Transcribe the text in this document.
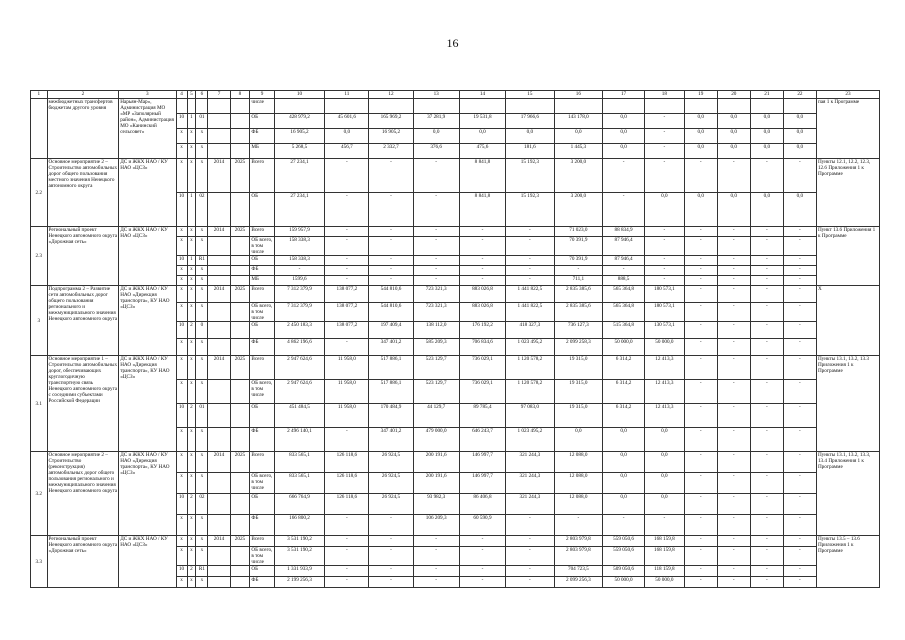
16
1	2	3	4	5	6	7	8	9	10	11	12	13	14	15	16	17	18	19	20	21	22	23
	межбюджетных трансфертов бюджетам другого уровня	Нарьян-Мар», Администрация МО «МР «Заполярный район», Администрация МО «Канинский сельсовет»						числе														пая 1 к Программе
			10	1	01			ОБ	428 979,2	45 601,6	165 969,2	37 281,9	19 531,8	17 966,6	143 178,0	0,0	-	0,0	0,0	0,0	0,0	
			х	х	х			ФБ	16 905,2	0,0	16 905,2	0,0	0,0	0,0	0,0	0,0	-	0,0	0,0	0,0	0,0	
			х	х	х			МБ	5 268,5	456,7	2 332,7	376,6	475,6	181,6	1 445,3	0,0	-	0,0	0,0	0,0	0,0	
2.2	Основное мероприятие 2 – Строительство автомобильных дорог общего пользования местного значения Ненецкого автономного округа	ДС и ЖКХ НАО / КУ НАО «ЦСЗ»	х	х	х	2014	2025	Всего	27 234,1	-	-	-	8 841,8	15 192,3	3 200,0	-	-	-	-	-	-	Пункты 12.1, 12.2, 12.3, 12.6 Приложения 1 к Программе
			10	1	02			ОБ	27 234,1	-	-	-	8 841,8	15 192,3	3 200,0	-	0,0	0,0	0,0	0,0	0,0	
2.3	Региональный проект Ненецкого автономного округа «Дорожная сеть»	ДС и ЖКХ НАО / КУ НАО «ЦСЗ»	х	х	х	2014	2025	Всего	159 957,9	-	-	-	-	-	71 023,0	88 834,9	-	-	-	-	-	Пункт 13.6 Приложения 1 к Программе
			х	х	х			ОБ всего, в том числе	158 338,3	-	-	-	-	-	70 391,9	87 946,4	-	-	-	-	-	
			10	1	R1			ОБ	158 338,3	-	-	-	-	-	70 391,9	87 946,4	-	-	-	-	-	
			х	х	х			ФБ	-	-	-	-	-	-	-	-	-	-	-	-	-	
			х	х	х			МБ	1599,6	-	-	-	-	-	711,1	888,5	-	-	-	-	-	
3	Подпрограмма 2 – Развитие сети автомобильных дорог общего пользования регионального и межмуниципального значения Ненецкого автономного округа	ДС и ЖКХ НАО / КУ НАО «Дирекция транспорта», КУ НАО «ЦСЗ»	х	х	х	2014	2025	Всего	7 312 379,9	138 077,2	544 810,6	723 321,3	883 026,8	1 441 822,5	2 835 385,6	565 364,8	180 573,1	-	-	-	-	Х
			х	х	х			ОБ всего, в том числе	7 312 379,9	138 077,2	544 810,6	723 321,3	883 026,8	1 441 822,5	2 835 385,6	565 364,8	180 573,1	-	-	-	-	
			10	2	0			ОБ	2 450 183,3	138 077,2	197 409,4	138 112,0	176 192,2	418 327,3	736 127,3	515 364,8	130 573,1	-	-	-	-	
			х	х	х			ФБ	4 862 196,6	-	347 401,2	585 209,3	706 834,6	1 023 495,2	2 099 258,3	50 000,0	50 000,0	-	-	-	-	
3.1	Основное мероприятие 1 – Строительство автомобильных дорог, обеспечивающих круглогодичную транспортную связь Ненецкого автономного округа с соседними субъектами Российской Федерации	ДС и ЖКХ НАО / КУ НАО «Дирекция транспорта», КУ НАО «ЦСЗ»	х	х	х	2014	2025	Всего	2 947 624,6	11 958,0	517 886,1	523 129,7	736 029,1	1 120 578,2	19 315,0	6 314,2	12 413,3	-	-	-	-	Пункты 13.1, 13.2, 13.3 Приложения 1 к Программе
			х	х	х			ОБ всего, в том числе	2 947 624,6	11 958,0	517 886,1	523 129,7	736 029,1	1 120 578,2	19 315,0	6 314,2	12 413,3	-	-	-	-	
			10	2	01			ОБ	451 484,5	11 958,0	170 484,9	44 129,7	89 785,4	97 083,0	19 315,0	6 314,2	12 413,3	-	-	-	-	
			х	х	х			ФБ	2 496 140,1	-	347 401,2	479 000,0	646 243,7	1 023 495,2	0,0	0,0	0,0	-	-	-	-	
3.2	Основное мероприятие 2 – Строительство (реконструкция) автомобильных дорог общего пользования регионального и межмуниципального значения Ненецкого автономного округа	ДС и ЖКХ НАО / КУ НАО «Дирекция транспорта», КУ НАО «ЦСЗ»	х	х	х	2014	2025	Всего	833 565,1	126 118,6	26 924,5	200 191,6	146 997,7	321 244,3	12 088,0	0,0	0,0	-	-	-	-	Пункты 13.1, 13.2, 13.3, 13.4 Приложения 1 к Программе
			х	х	х			ОБ всего, в том числе	833 565,1	126 118,6	26 924,5	200 191,6	146 997,7	321 244,3	12 088,0	0,0	0,0	-	-	-	-	
			10	2	02			ОБ	666 764,9	126 118,6	26 924,5	93 982,3	86 406,8	321 244,3	12 088,0	0,0	0,0	-	-	-	-	
			х	х	х			ФБ	166 800,2	-	-	106 209,3	60 590,9	-	-	-	-	-	-	-	-	
3.3	Региональный проект Ненецкого автономного округа «Дорожная сеть»	ДС и ЖКХ НАО / КУ НАО «ЦСЗ»	х	х	х	2014	2025	Всего	3 531 190,2	-	-	-	-	-	2 803 979,8	559 050,6	168 159,8	-	-	-	-	Пункты 13.5 – 13.6 Приложения 1 к Программе
			х	х	х			ОБ всего, в том числе	3 531 190,2	-	-	-	-	-	2 803 979,8	559 050,6	168 159,8	-	-	-	-	
			10	2	R1			ОБ	1 331 933,9	-	-	-	-	-	704 723,5	509 050,6	118 159,8	-	-	-	-	
			х	х	х			ФБ	2 199 256,3	-	-	-	-	-	2 099 256,3	50 000,0	50 000,0	-	-	-	-	
